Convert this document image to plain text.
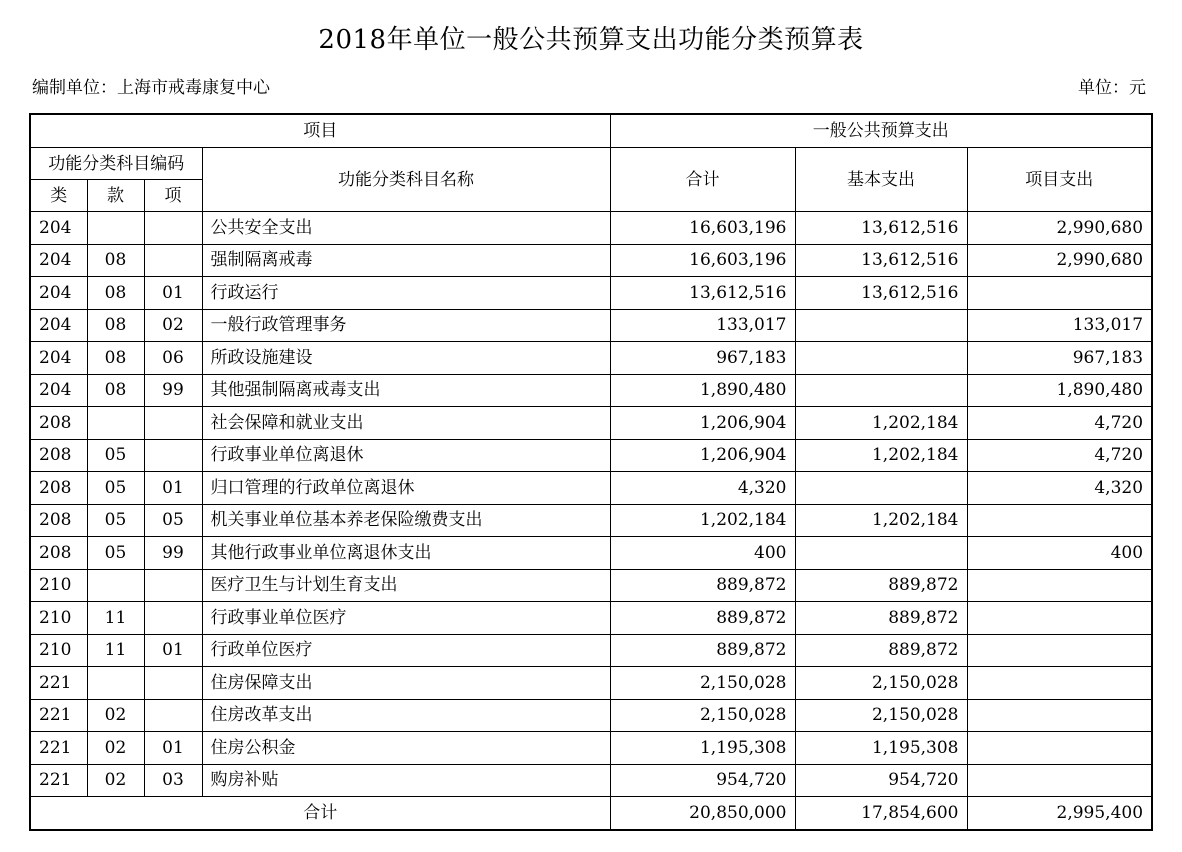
2018年单位一般公共预算支出功能分类预算表
编制单位：上海市戒毒康复中心	单位：元
项目				一般公共预算支出		
功能分类科目编码			功能分类科目名称	合计	基本支出	项目支出
类	款	项				
204			公共安全支出	16,603,196	13,612,516	2,990,680
204	08		强制隔离戒毒	16,603,196	13,612,516	2,990,680
204	08	01	行政运行	13,612,516	13,612,516	
204	08	02	一般行政管理事务	133,017		133,017
204	08	06	所政设施建设	967,183		967,183
204	08	99	其他强制隔离戒毒支出	1,890,480		1,890,480
208			社会保障和就业支出	1,206,904	1,202,184	4,720
208	05		行政事业单位离退休	1,206,904	1,202,184	4,720
208	05	01	归口管理的行政单位离退休	4,320		4,320
208	05	05	机关事业单位基本养老保险缴费支出	1,202,184	1,202,184	
208	05	99	其他行政事业单位离退休支出	400		400
210			医疗卫生与计划生育支出	889,872	889,872	
210	11		行政事业单位医疗	889,872	889,872	
210	11	01	行政单位医疗	889,872	889,872	
221			住房保障支出	2,150,028	2,150,028	
221	02		住房改革支出	2,150,028	2,150,028	
221	02	01	住房公积金	1,195,308	1,195,308	
221	02	03	购房补贴	954,720	954,720	
合计				20,850,000	17,854,600	2,995,400
